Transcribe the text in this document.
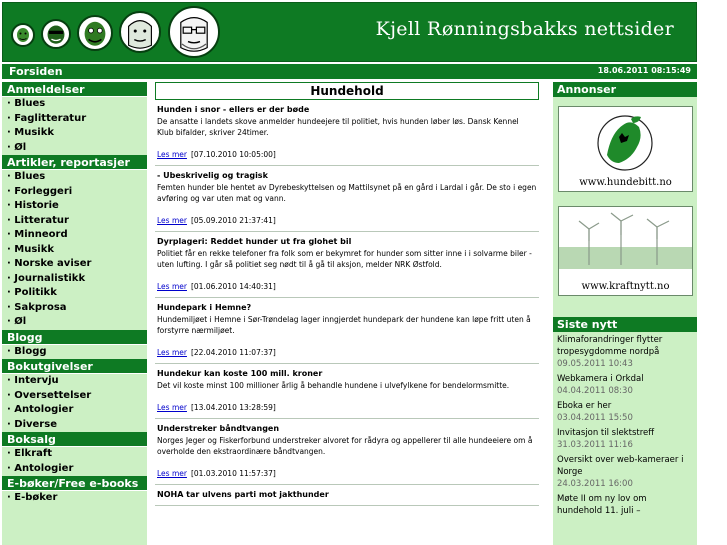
Kjell Rønningsbakks nettsider
Forsiden	18.06.2011 08:15:49
Anmeldelser
· Blues
· Faglitteratur
· Musikk
· Øl
Artikler, reportasjer
· Blues
· Forleggeri
· Historie
· Litteratur
· Minneord
· Musikk
· Norske aviser
· Journalistikk
· Politikk
· Sakprosa
· Øl
Blogg
· Blogg
Bokutgivelser
· Intervju
· Oversettelser
· Antologier
· Diverse
Boksalg
· Elkraft
· Antologier
E-bøker/Free e-books
· E-bøker
Hundehold
Hunden i snor - ellers er der bøde
De ansatte i landets skove anmelder hundeejere til politiet, hvis hunden løber løs. Dansk Kennel Klub bifalder, skriver 24timer.
Les mer [07.10.2010 10:05:00]
- Ubeskrivelig og tragisk
Femten hunder ble hentet av Dyrebeskyttelsen og Mattilsynet på en gård i Lardal i går. De sto i egen avføring og var uten mat og vann.
Les mer [05.09.2010 21:37:41]
Dyrplageri: Reddet hunder ut fra glohet bil
Politiet får en rekke telefoner fra folk som er bekymret for hunder som sitter inne i i solvarme biler - uten lufting. I går så politiet seg nødt til å gå til aksjon, melder NRK Østfold.
Les mer [01.06.2010 14:40:31]
Hundepark i Hemne?
Hundemiljøet i Hemne i Sør-Trøndelag lager inngjerdet hundepark der hundene kan løpe fritt uten å forstyrre nærmiljøet.
Les mer [22.04.2010 11:07:37]
Hundekur kan koste 100 mill. kroner
Det vil koste minst 100 millioner årlig å behandle hundene i ulvefylkene for bendelormsmitte.
Les mer [13.04.2010 13:28:59]
Understreker båndtvangen
Norges Jeger og Fiskerforbund understreker alvoret for rådyra og appellerer til alle hundeeiere om å overholde den ekstraordinære båndtvangen.
Les mer [01.03.2010 11:57:37]
NOHA tar ulvens parti mot jakthunder
Annonser
www.hundebitt.no
www.kraftnytt.no
Siste nytt
Klimaforandringer flytter tropesygdomme nordpå
09.05.2011 10:43
Webkamera i Orkdal
04.04.2011 08:30
Eboka er her
03.04.2011 15:50
Invitasjon til slektstreff
31.03.2011 11:16
Oversikt over web-kameraer i Norge
24.03.2011 16:00
Møte II om ny lov om hundehold 11. juli –
